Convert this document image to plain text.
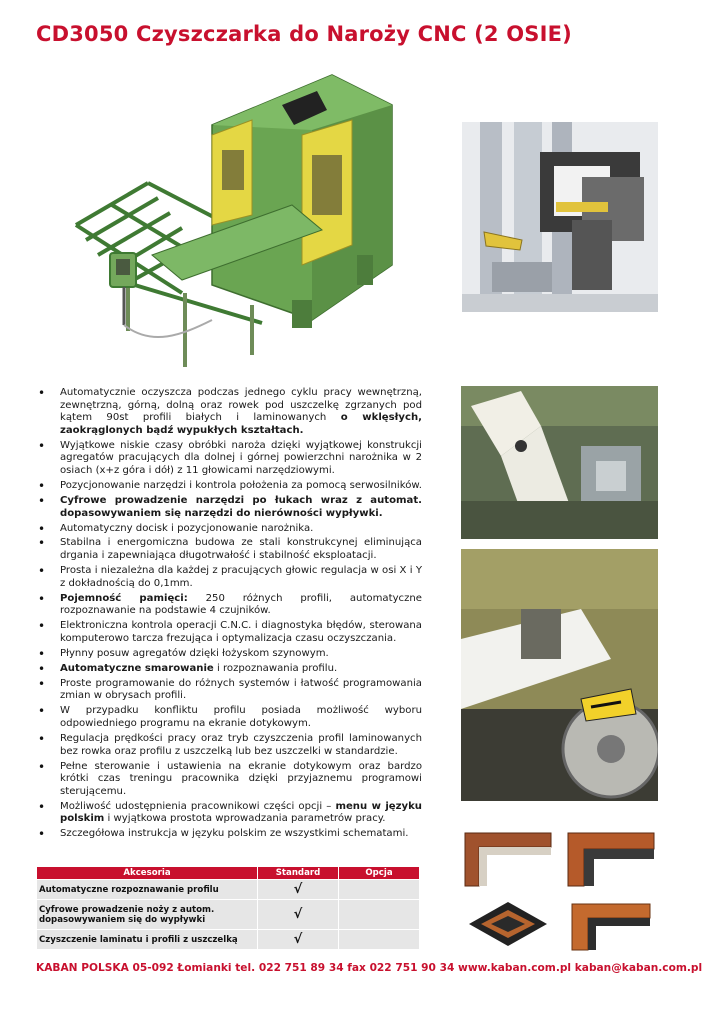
CD3050 Czyszczarka do Naroży CNC (2 OSIE)
• Automatycznie oczyszcza podczas jednego cyklu pracy wewnętrzną, zewnętrzną, górną, dolną oraz rowek pod uszczelkę zgrzanych pod kątem 90st profili białych i laminowanych o wklęsłych, zaokrąglonych bądź wypukłych kształtach.
• Wyjątkowe niskie czasy obróbki naroża dzięki wyjątkowej konstrukcji agregatów pracujących dla dolnej i górnej powierzchni narożnika w 2 osiach (x+z góra i dół) z 11 głowicami narzędziowymi.
• Pozycjonowanie narzędzi i kontrola położenia za pomocą serwosilników.
• Cyfrowe prowadzenie narzędzi po łukach wraz z automat. dopasowywaniem się narzędzi do nierówności wypływki.
• Automatyczny docisk i pozycjonowanie narożnika.
• Stabilna i energomiczna budowa ze stali konstrukcynej eliminująca drgania i zapewniająca długotrwałość i stabilność eksploatacji.
• Prosta i niezależna dla każdej z pracujących głowic regulacja w osi X i Y z dokładnością do 0,1mm.
• Pojemność pamięci: 250 różnych profili, automatyczne rozpoznawanie na podstawie 4 czujników.
• Elektroniczna kontrola operacji C.N.C. i diagnostyka błędów, sterowana komputerowo tarcza frezująca i optymalizacja czasu oczyszczania.
• Płynny posuw agregatów dzięki łożyskom szynowym.
• Automatyczne smarowanie i rozpoznawania profilu.
• Proste programowanie do różnych systemów i łatwość programowania zmian w obrysach profili.
• W przypadku konfliktu profilu posiada możliwość wyboru odpowiedniego programu na ekranie dotykowym.
• Regulacja prędkości pracy oraz tryb czyszczenia profil laminowanych bez rowka oraz profilu z uszczelką lub bez uszczelki w standardzie.
• Pełne sterowanie i ustawienia na ekranie dotykowym oraz bardzo krótki czas treningu pracownika dzięki przyjaznemu programowi sterującemu.
• Możliwość udostępnienia pracownikowi części opcji – menu w języku polskim i wyjątkowa prostota wprowadzania parametrów pracy.
• Szczegółowa instrukcja w języku polskim ze wszystkimi schematami.
Akcesoria	Standard	Opcja
Automatyczne rozpoznawanie profilu	√	
Cyfrowe prowadzenie noży z autom. dopasowywaniem się do wypływki	√	
Czyszczenie laminatu i profili z uszczelką	√	
KABAN POLSKA 05-092 Łomianki tel. 022 751 89 34 fax 022 751 90 34 www.kaban.com.pl kaban@kaban.com.pl
